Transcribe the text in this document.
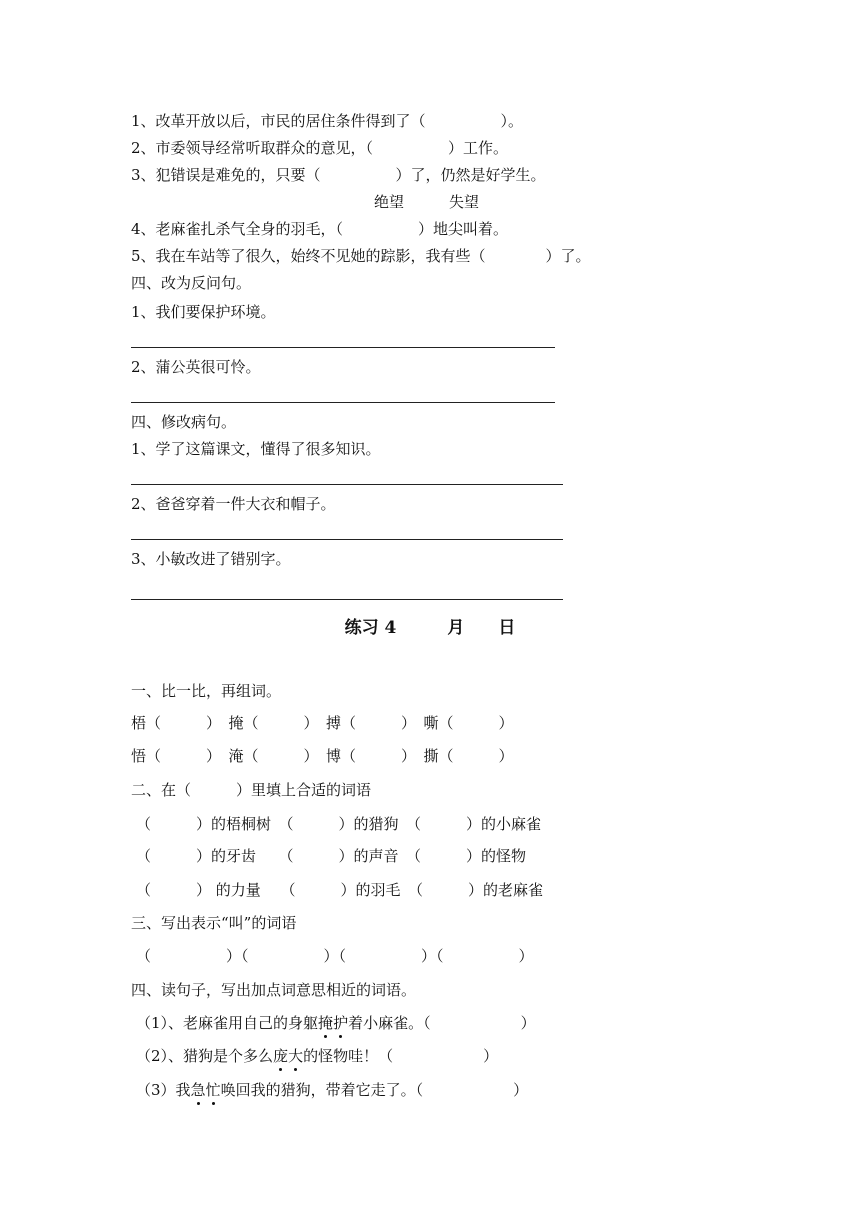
1、改革开放以后，市民的居住条件得到了（　　　　　）。
2、市委领导经常听取群众的意见，（　　　　　）工作。
3、犯错误是难免的，只要（　　　　　）了，仍然是好学生。
绝望　　　失望
4、老麻雀扎杀气全身的羽毛，（　　　　　）地尖叫着。
5、我在车站等了很久，始终不见她的踪影，我有些（　　　　）了。
四、改为反问句。
1、我们要保护环境。
2、蒲公英很可怜。
四、修改病句。
1、学了这篇课文，懂得了很多知识。
2、爸爸穿着一件大衣和帽子。
3、小敏改进了错别字。
练习 4　　　月　　日
一、比一比，再组词。
梧（　　　）　掩（　　　）　搏（　　　）　嘶（　　　）
悟（　　　）　淹（　　　）　博（　　　）　撕（　　　）
二、在（　　　）里填上合适的词语
（　　　）的梧桐树　（　　　）的猎狗　（　　　）的小麻雀
（　　　）的牙齿　　（　　　）的声音　（　　　）的怪物
（　　　） 的力量　 （　　　）的羽毛　（　　　）的老麻雀
三、写出表示“叫”的词语
（　　　　　）（　　　　　）（　　　　　）（　　　　　）
四、读句子，写出加点词意思相近的词语。
（1）、老麻雀用自己的身躯掩护着小麻雀。（　　　　　　）
（2）、猎狗是个多么庞大的怪物哇！（　　　　　　）
（3）我急忙唤回我的猎狗，带着它走了。（　　　　　　）
